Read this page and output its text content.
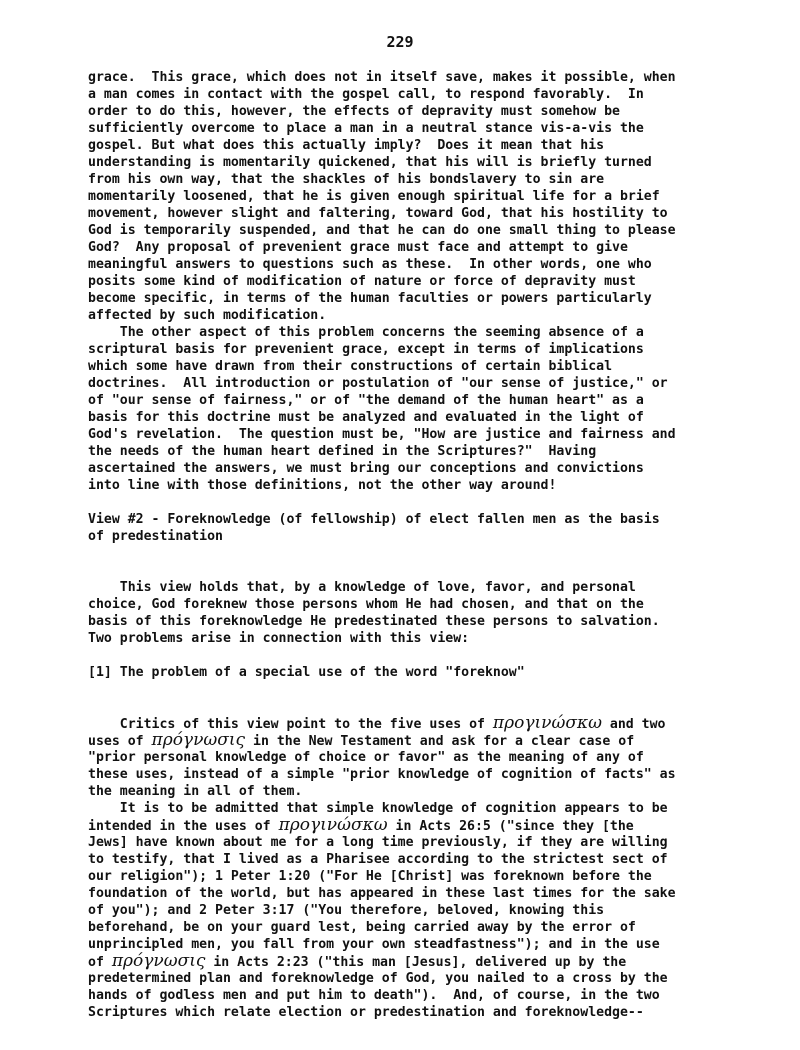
229
grace.  This grace, which does not in itself save, makes it possible, when
a man comes in contact with the gospel call, to respond favorably.  In
order to do this, however, the effects of depravity must somehow be
sufficiently overcome to place a man in a neutral stance vis-a-vis the
gospel. But what does this actually imply?  Does it mean that his
understanding is momentarily quickened, that his will is briefly turned
from his own way, that the shackles of his bondslavery to sin are
momentarily loosened, that he is given enough spiritual life for a brief
movement, however slight and faltering, toward God, that his hostility to
God is temporarily suspended, and that he can do one small thing to please
God?  Any proposal of prevenient grace must face and attempt to give
meaningful answers to questions such as these.  In other words, one who
posits some kind of modification of nature or force of depravity must
become specific, in terms of the human faculties or powers particularly
affected by such modification.
The other aspect of this problem concerns the seeming absence of a
scriptural basis for prevenient grace, except in terms of implications
which some have drawn from their constructions of certain biblical
doctrines.  All introduction or postulation of "our sense of justice," or
of "our sense of fairness," or of "the demand of the human heart" as a
basis for this doctrine must be analyzed and evaluated in the light of
God's revelation.  The question must be, "How are justice and fairness and
the needs of the human heart defined in the Scriptures?"  Having
ascertained the answers, we must bring our conceptions and convictions
into line with those definitions, not the other way around!
View #2 - Foreknowledge (of fellowship) of elect fallen men as the basis
of predestination
This view holds that, by a knowledge of love, favor, and personal
choice, God foreknew those persons whom He had chosen, and that on the
basis of this foreknowledge He predestinated these persons to salvation.
Two problems arise in connection with this view:
[1] The problem of a special use of the word "foreknow"
Critics of this view point to the five uses of προγινώσκω and two
uses of πρόγνωσις in the New Testament and ask for a clear case of
"prior personal knowledge of choice or favor" as the meaning of any of
these uses, instead of a simple "prior knowledge of cognition of facts" as
the meaning in all of them.
It is to be admitted that simple knowledge of cognition appears to be
intended in the uses of προγινώσκω in Acts 26:5 ("since they [the
Jews] have known about me for a long time previously, if they are willing
to testify, that I lived as a Pharisee according to the strictest sect of
our religion"); 1 Peter 1:20 ("For He [Christ] was foreknown before the
foundation of the world, but has appeared in these last times for the sake
of you"); and 2 Peter 3:17 ("You therefore, beloved, knowing this
beforehand, be on your guard lest, being carried away by the error of
unprincipled men, you fall from your own steadfastness"); and in the use
of πρόγνωσις in Acts 2:23 ("this man [Jesus], delivered up by the
predetermined plan and foreknowledge of God, you nailed to a cross by the
hands of godless men and put him to death").  And, of course, in the two
Scriptures which relate election or predestination and foreknowledge--
